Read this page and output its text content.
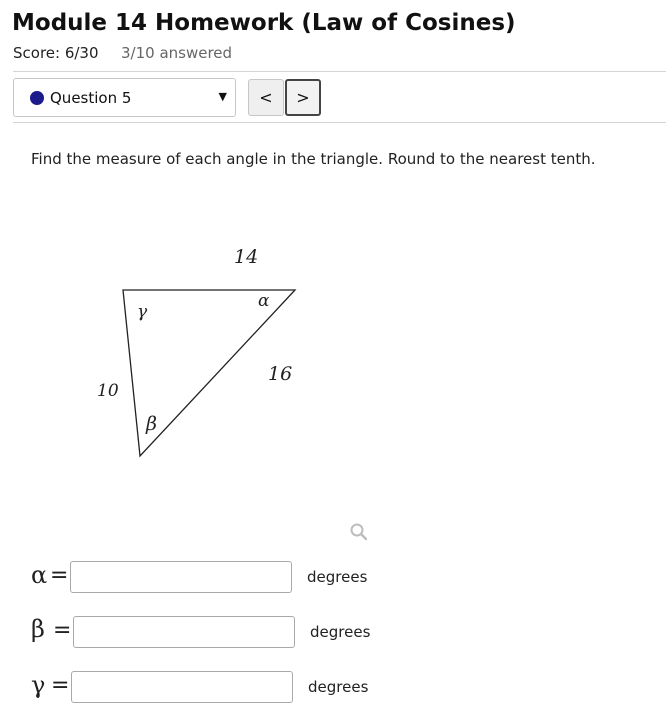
Module 14 Homework (Law of Cosines)
Score: 6/30 3/10 answered
Question 5	▼ < >
Find the measure of each angle in the triangle. Round to the nearest tenth.
14
16
10
α
γ
β
α =	degrees
β =	degrees
γ =	degrees
